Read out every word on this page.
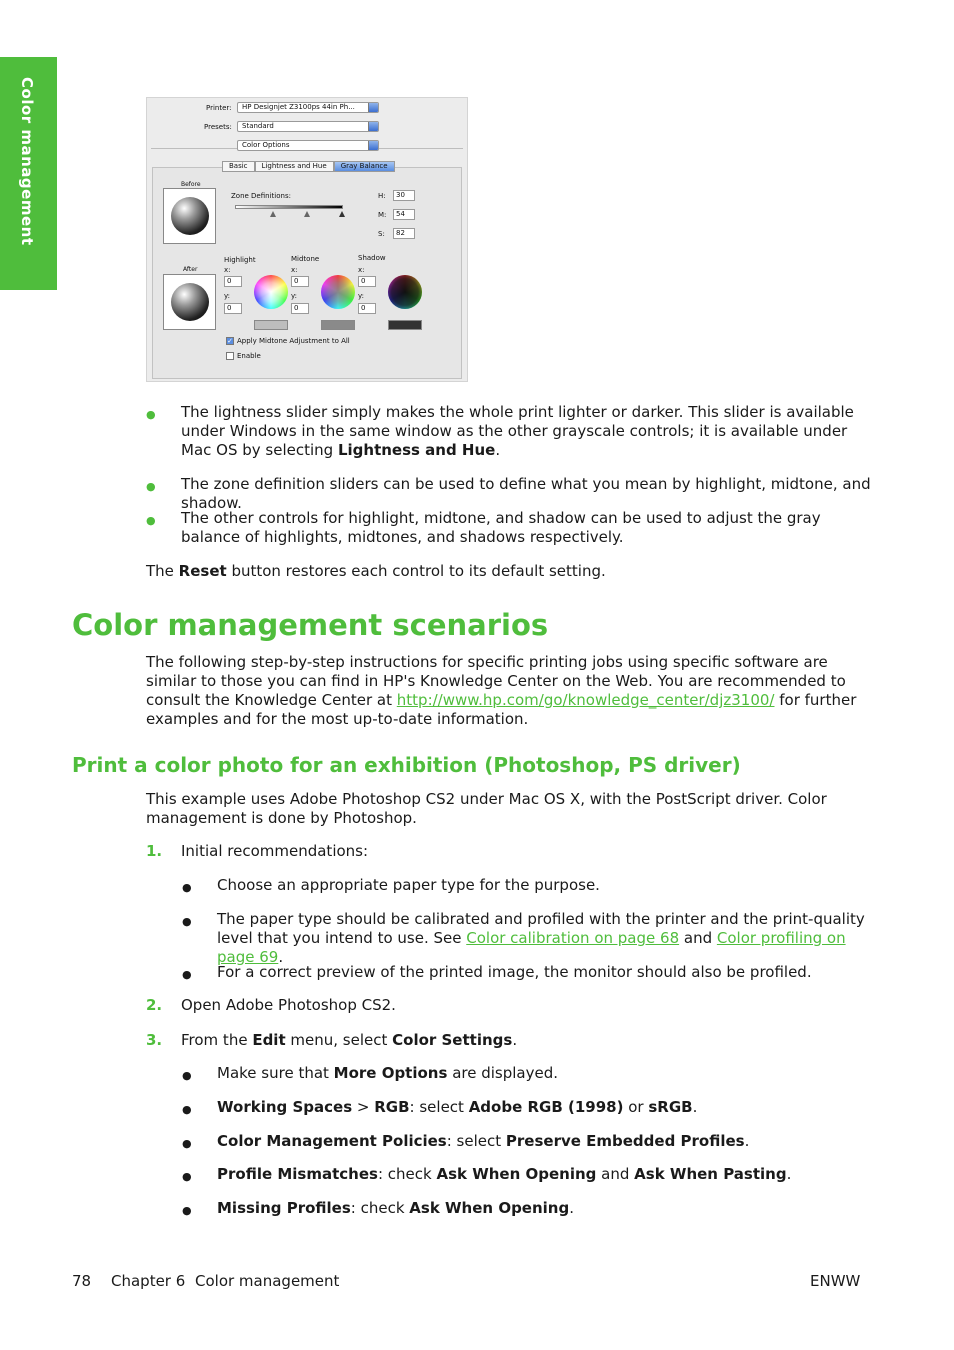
Color management	Printer:	HP Designjet Z3100ps 44in Ph...
Presets:	Standard
Color Options
Basic	Lightness and Hue	Gray Balance
Before
After
Zone Definitions:	H:	30
M:	54
S:	82
Highlight
x:
0
y:
0
Midtone
x:
0
y:
0
Shadow
x:
0
y:
0
✓ Apply Midtone Adjustment to All
Enable
● The lightness slider simply makes the whole print lighter or darker. This slider is available under Windows in the same window as the other grayscale controls; it is available under Mac OS by selecting Lightness and Hue.
● The zone definition sliders can be used to define what you mean by highlight, midtone, and shadow.
● The other controls for highlight, midtone, and shadow can be used to adjust the gray balance of highlights, midtones, and shadows respectively.
The Reset button restores each control to its default setting.
Color management scenarios
The following step-by-step instructions for specific printing jobs using specific software are similar to those you can find in HP's Knowledge Center on the Web. You are recommended to consult the Knowledge Center at http://www.hp.com/go/knowledge_center/djz3100/ for further examples and for the most up-to-date information.
Print a color photo for an exhibition (Photoshop, PS driver)
This example uses Adobe Photoshop CS2 under Mac OS X, with the PostScript driver. Color management is done by Photoshop.
1. Initial recommendations:
● Choose an appropriate paper type for the purpose.
● The paper type should be calibrated and profiled with the printer and the print-quality level that you intend to use. See Color calibration on page 68 and Color profiling on page 69.
● For a correct preview of the printed image, the monitor should also be profiled.
2. Open Adobe Photoshop CS2.
3. From the Edit menu, select Color Settings.
● Make sure that More Options are displayed.
● Working Spaces > RGB: select Adobe RGB (1998) or sRGB.
● Color Management Policies: select Preserve Embedded Profiles.
● Profile Mismatches: check Ask When Opening and Ask When Pasting.
● Missing Profiles: check Ask When Opening.
78 Chapter 6 Color management	ENWW
